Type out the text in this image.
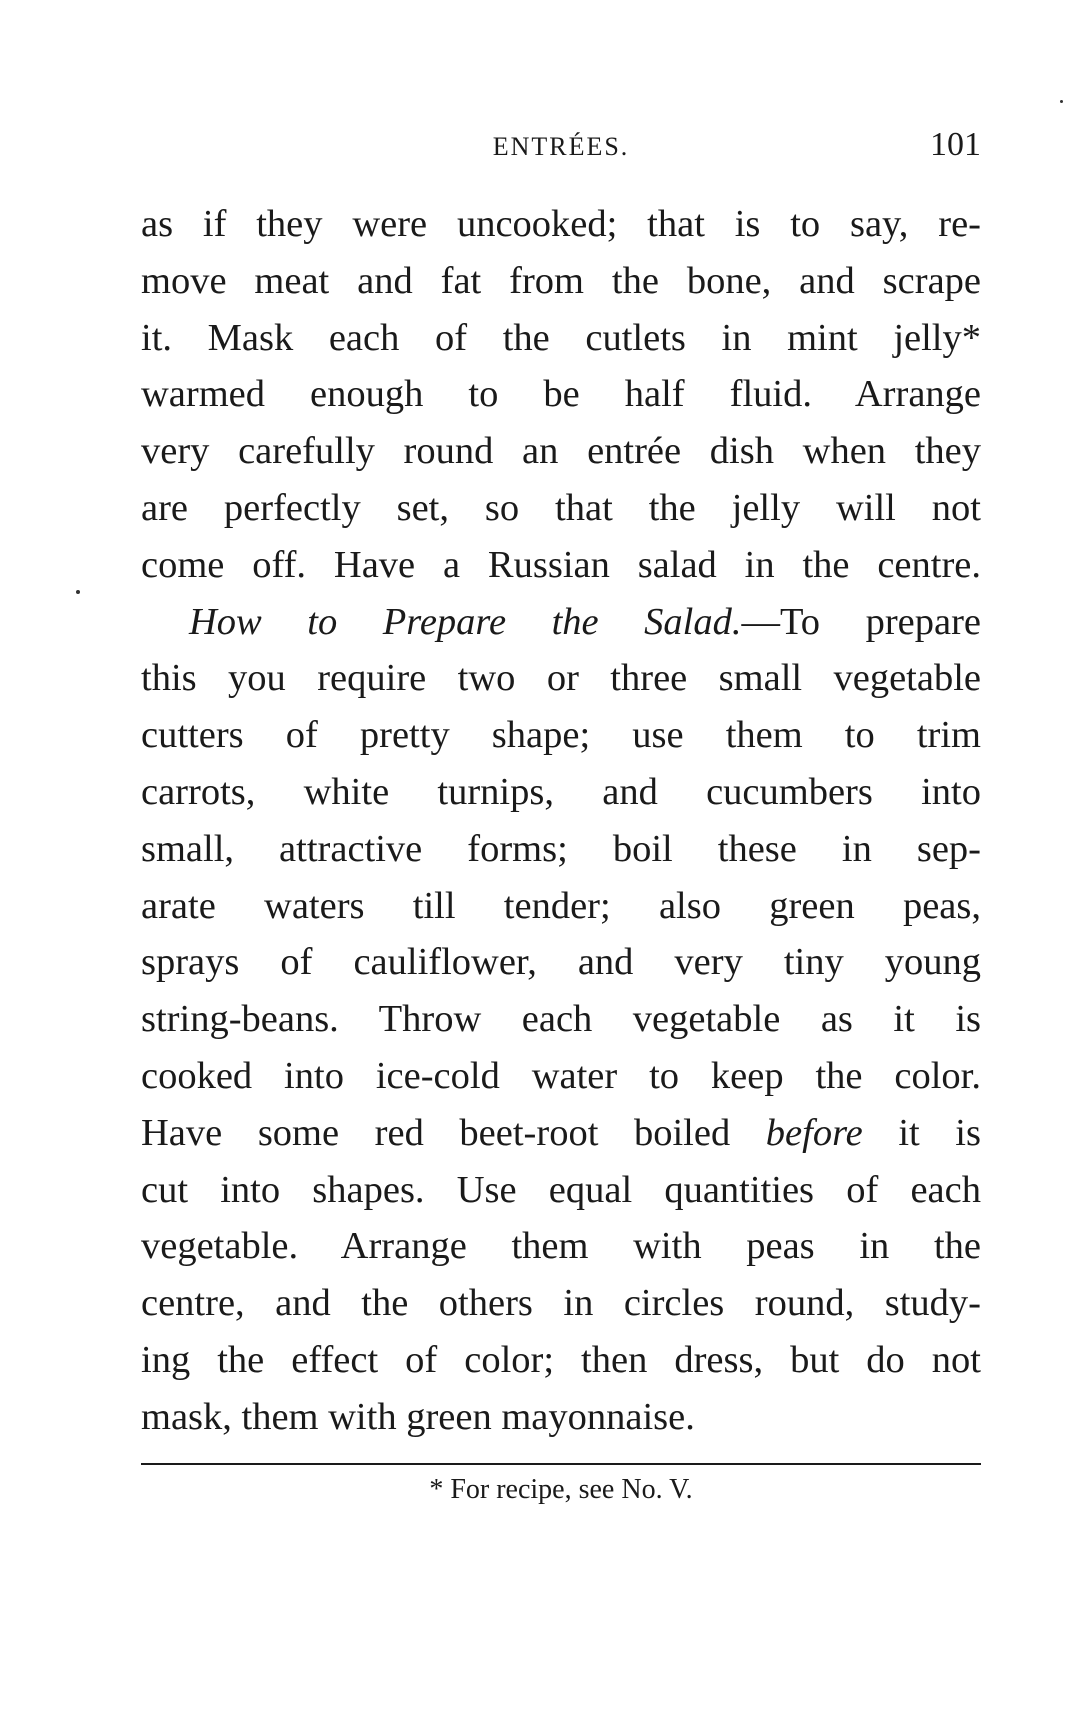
ENTRÉES.	101
as if they were uncooked; that is to say, re-
move meat and fat from the bone, and scrape
it. Mask each of the cutlets in mint jelly*
warmed enough to be half fluid. Arrange
very carefully round an entrée dish when they
are perfectly set, so that the jelly will not
come off. Have a Russian salad in the centre.
How to Prepare the Salad.—To prepare
this you require two or three small vegetable
cutters of pretty shape; use them to trim
carrots, white turnips, and cucumbers into
small, attractive forms; boil these in sep-
arate waters till tender; also green peas,
sprays of cauliflower, and very tiny young
string-beans. Throw each vegetable as it is
cooked into ice-cold water to keep the color.
Have some red beet-root boiled before it is
cut into shapes. Use equal quantities of each
vegetable. Arrange them with peas in the
centre, and the others in circles round, study-
ing the effect of color; then dress, but do not
mask, them with green mayonnaise.
* For recipe, see No. V.
